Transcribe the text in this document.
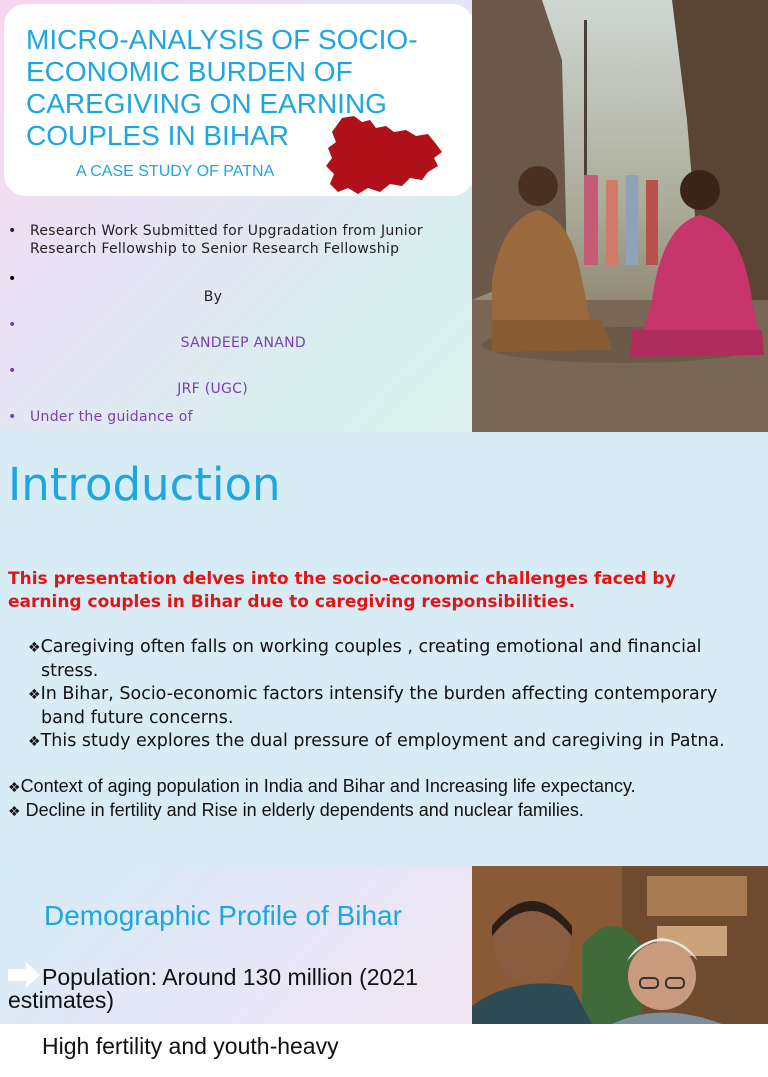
MICRO-ANALYSIS OF SOCIO-ECONOMIC BURDEN OF CAREGIVING ON EARNING COUPLES IN BIHAR
A CASE STUDY OF PATNA
• Research Work Submitted for Upgradation from Junior Research Fellowship to Senior Research Fellowship
•
By
•
SANDEEP ANAND
•
JRF (UGC)
• Under the guidance of
Introduction

This presentation delves into the socio-economic challenges faced by earning couples in Bihar due to caregiving responsibilities.

❖Caregiving often falls on working couples , creating emotional and financial stress.
❖In Bihar, Socio-economic factors intensify the burden affecting contemporary band future concerns.
❖This study explores the dual pressure of employment and caregiving in Patna.
❖Context of aging population in India and Bihar and Increasing life expectancy.
❖ Decline in fertility and Rise in elderly dependents and nuclear families.
Demographic Profile of Bihar
Population: Around 130 million (2021 estimates)
High fertility and youth-heavy
